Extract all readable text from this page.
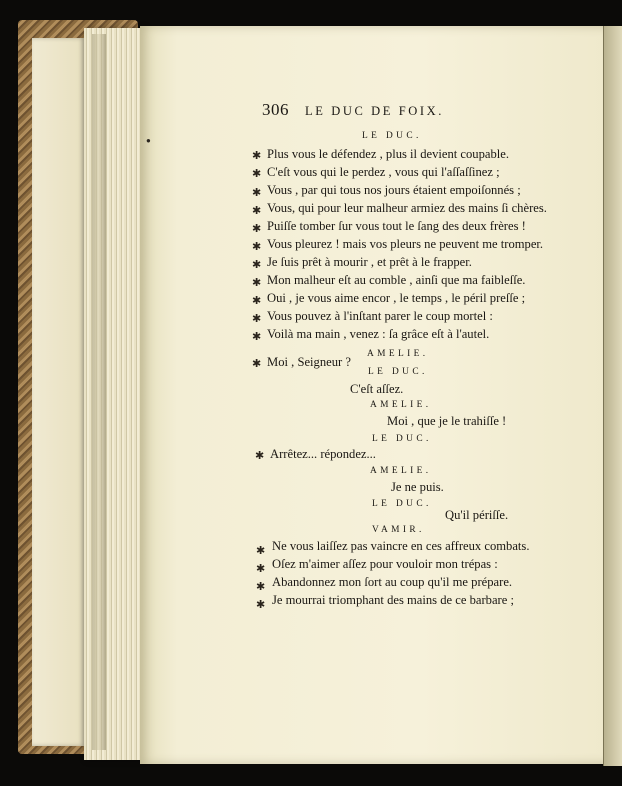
306 LE DUC DE FOIX.
●	LE DUC.
✱ Plus vous le défendez , plus il devient coupable.
✱ C'eſt vous qui le perdez , vous qui l'aſſaſſinez ;
✱ Vous , par qui tous nos jours étaient empoiſonnés ;
✱ Vous, qui pour leur malheur armiez des mains ſi chères.
✱ Puiſſe tomber ſur vous tout le ſang des deux frères !
✱ Vous pleurez ! mais vos pleurs ne peuvent me tromper.
✱ Je ſuis prêt à mourir , et prêt à le frapper.
✱ Mon malheur eſt au comble , ainſi que ma faibleſſe.
✱ Oui , je vous aime encor , le temps , le péril preſſe ;
✱ Vous pouvez à l'inſtant parer le coup mortel :
✱ Voilà ma main , venez : ſa grâce eſt à l'autel.
AMELIE.
✱ Moi , Seigneur ?
LE DUC.
C'eſt aſſez.
AMELIE.
Moi , que je le trahiſſe !
LE DUC.
✱ Arrêtez... répondez...
AMELIE.
Je ne puis.
LE DUC.
Qu'il périſſe.
VAMIR.
✱ Ne vous laiſſez pas vaincre en ces affreux combats.
✱ Oſez m'aimer aſſez pour vouloir mon trépas :
✱ Abandonnez mon ſort au coup qu'il me prépare.
✱ Je mourrai triomphant des mains de ce barbare ;
